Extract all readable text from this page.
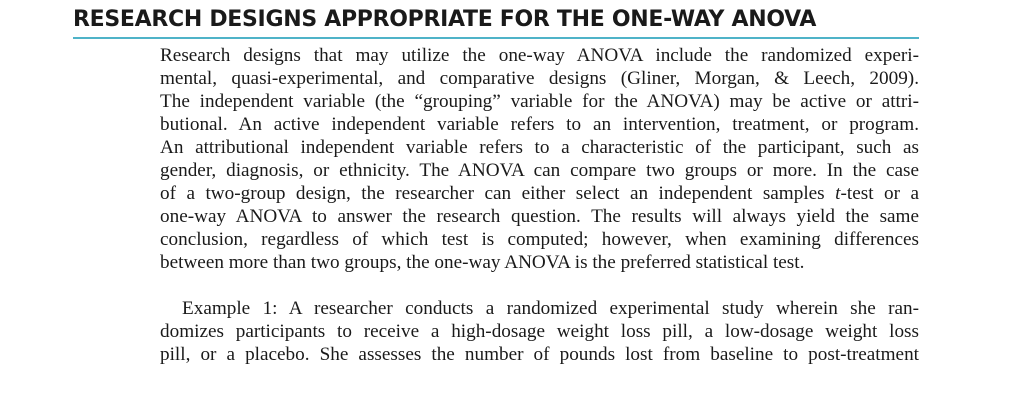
RESEARCH DESIGNS APPROPRIATE FOR THE ONE-WAY ANOVA
Research designs that may utilize the one-way ANOVA include the randomized experi-
mental, quasi-experimental, and comparative designs (Gliner, Morgan, & Leech, 2009).
The independent variable (the “grouping” variable for the ANOVA) may be active or attri-
butional. An active independent variable refers to an intervention, treatment, or program.
An attributional independent variable refers to a characteristic of the participant, such as
gender, diagnosis, or ethnicity. The ANOVA can compare two groups or more. In the case
of a two-group design, the researcher can either select an independent samples t-test or a
one-way ANOVA to answer the research question. The results will always yield the same
conclusion, regardless of which test is computed; however, when examining differences
between more than two groups, the one-way ANOVA is the preferred statistical test.
Example 1: A researcher conducts a randomized experimental study wherein she ran-
domizes participants to receive a high-dosage weight loss pill, a low-dosage weight loss
pill, or a placebo. She assesses the number of pounds lost from baseline to post-treatment
